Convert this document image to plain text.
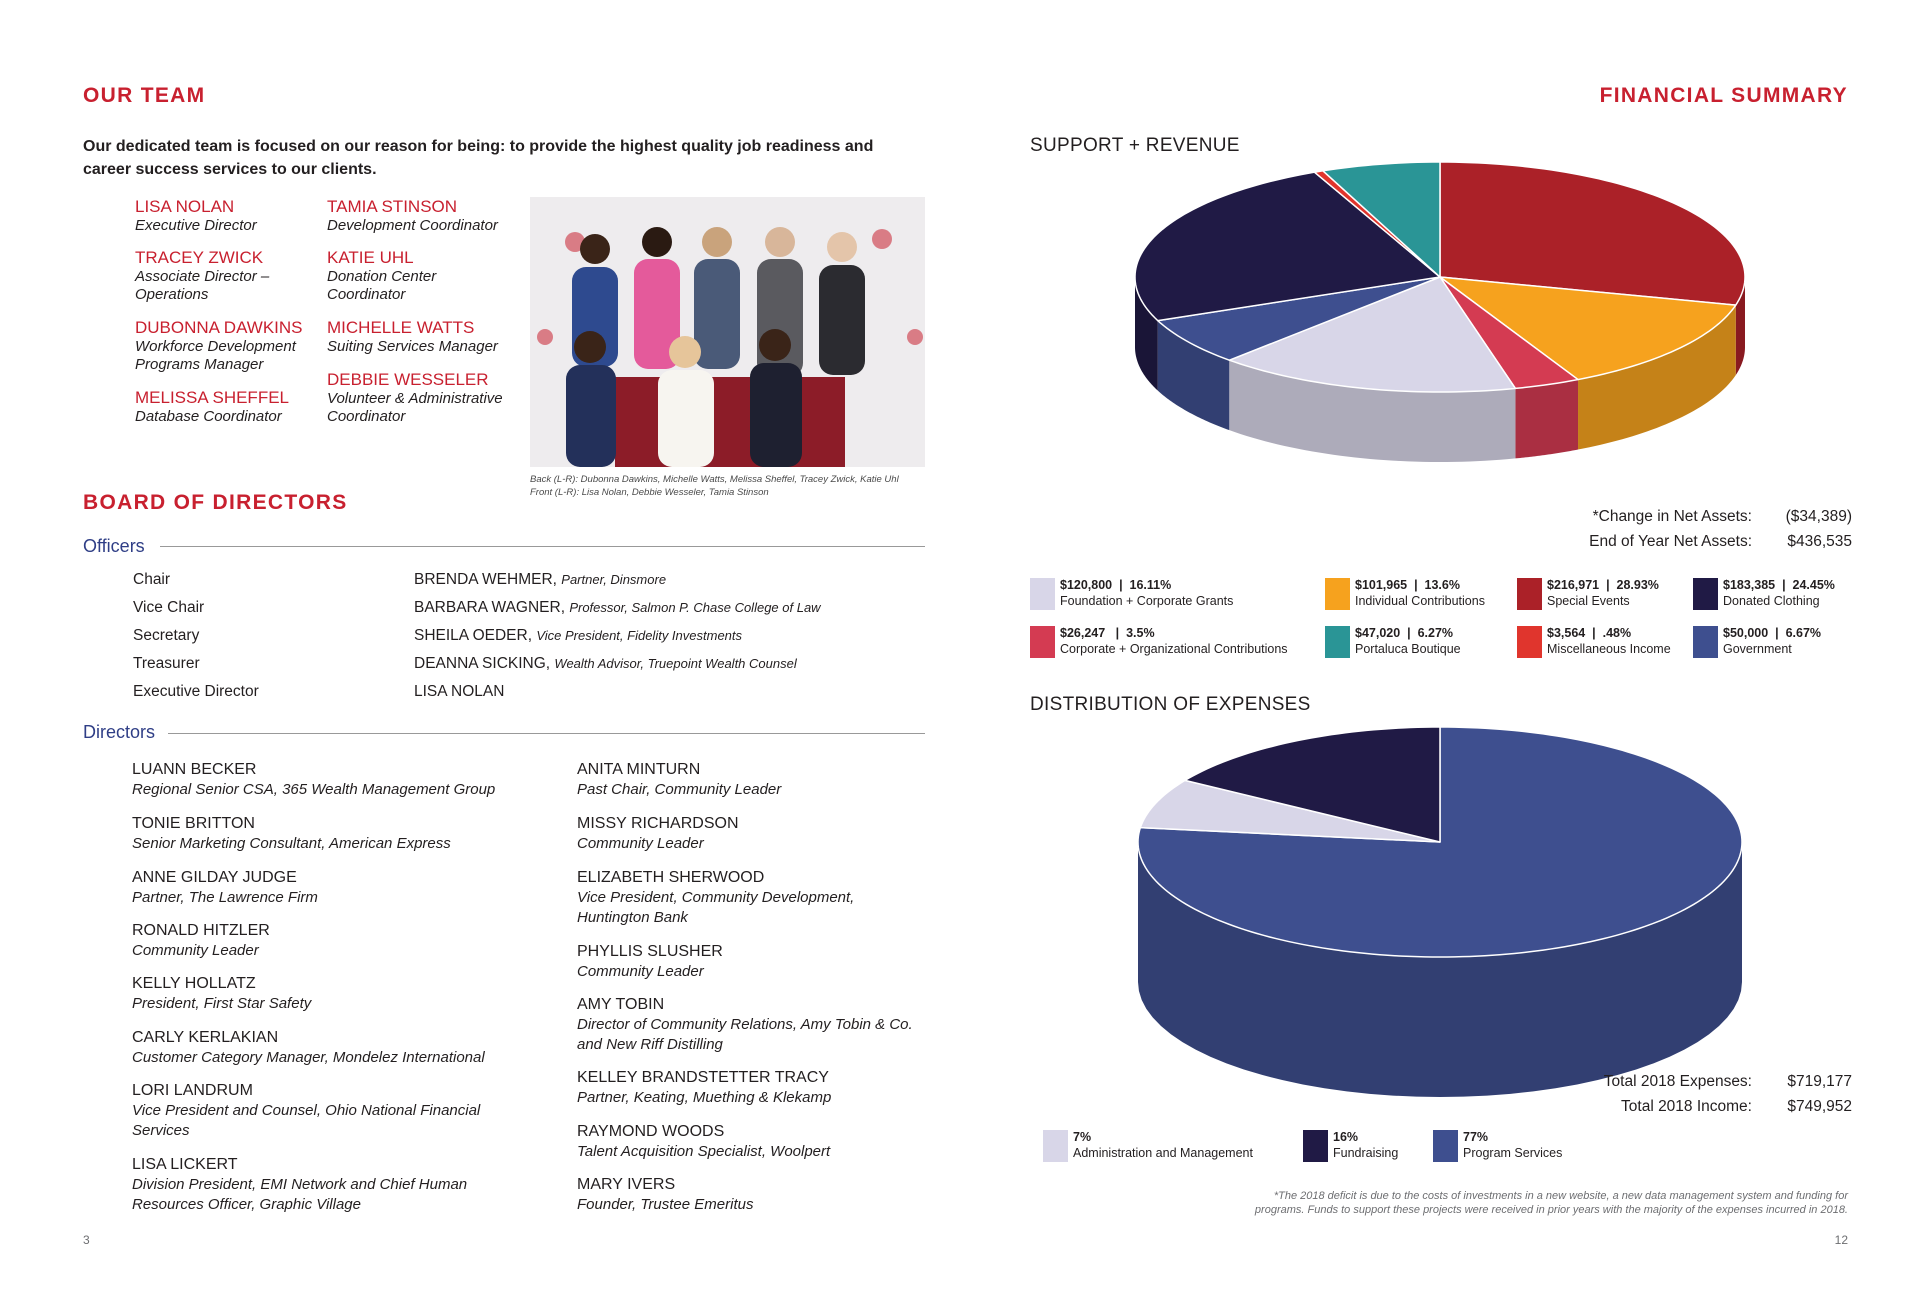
OUR TEAM
Our dedicated team is focused on our reason for being: to provide the highest quality job readiness and career success services to our clients.
LISA NOLAN
Executive Director
TRACEY ZWICK
Associate Director – Operations
DUBONNA DAWKINS
Workforce Development Programs Manager
MELISSA SHEFFEL
Database Coordinator
TAMIA STINSON
Development Coordinator
KATIE UHL
Donation Center Coordinator
MICHELLE WATTS
Suiting Services Manager
DEBBIE WESSELER
Volunteer & Administrative Coordinator
Back (L-R): Dubonna Dawkins, Michelle Watts, Melissa Sheffel, Tracey Zwick, Katie Uhl
Front (L-R): Lisa Nolan, Debbie Wesseler, Tamia Stinson
BOARD OF DIRECTORS
Officers
Chair	BRENDA WEHMER, Partner, Dinsmore
Vice Chair	BARBARA WAGNER, Professor, Salmon P. Chase College of Law
Secretary	SHEILA OEDER, Vice President, Fidelity Investments
Treasurer	DEANNA SICKING, Wealth Advisor, Truepoint Wealth Counsel
Executive Director	LISA NOLAN
Directors
LUANN BECKER
Regional Senior CSA, 365 Wealth Management Group
TONIE BRITTON
Senior Marketing Consultant, American Express
ANNE GILDAY JUDGE
Partner, The Lawrence Firm
RONALD HITZLER
Community Leader
KELLY HOLLATZ
President, First Star Safety
CARLY KERLAKIAN
Customer Category Manager, Mondelez International
LORI LANDRUM
Vice President and Counsel, Ohio National Financial Services
LISA LICKERT
Division President, EMI Network and Chief Human Resources Officer, Graphic Village
ANITA MINTURN
Past Chair, Community Leader
MISSY RICHARDSON
Community Leader
ELIZABETH SHERWOOD
Vice President, Community Development, Huntington Bank
PHYLLIS SLUSHER
Community Leader
AMY TOBIN
Director of Community Relations, Amy Tobin & Co. and New Riff Distilling
KELLEY BRANDSTETTER TRACY
Partner, Keating, Muething & Klekamp
RAYMOND WOODS
Talent Acquisition Specialist, Woolpert
MARY IVERS
Founder, Trustee Emeritus
3
FINANCIAL SUMMARY
SUPPORT + REVENUE
*Change in Net Assets: ($34,389)
End of Year Net Assets: $436,535
$120,800  |  16.11%
Foundation + Corporate Grants
$101,965  |  13.6%
Individual Contributions
$216,971  |  28.93%
Special Events
$183,385  |  24.45%
Donated Clothing
$26,247   |  3.5%
Corporate + Organizational Contributions
$47,020  |  6.27%
Portaluca Boutique
$3,564  |  .48%
Miscellaneous Income
$50,000  |  6.67%
Government
DISTRIBUTION OF EXPENSES
Total 2018 Expenses: $719,177
Total 2018 Income: $749,952
7%
Administration and Management
16%
Fundraising
77%
Program Services
*The 2018 deficit is due to the costs of investments in a new website, a new data management system and funding for
programs. Funds to support these projects were received in prior years with the majority of the expenses incurred in 2018.
12
